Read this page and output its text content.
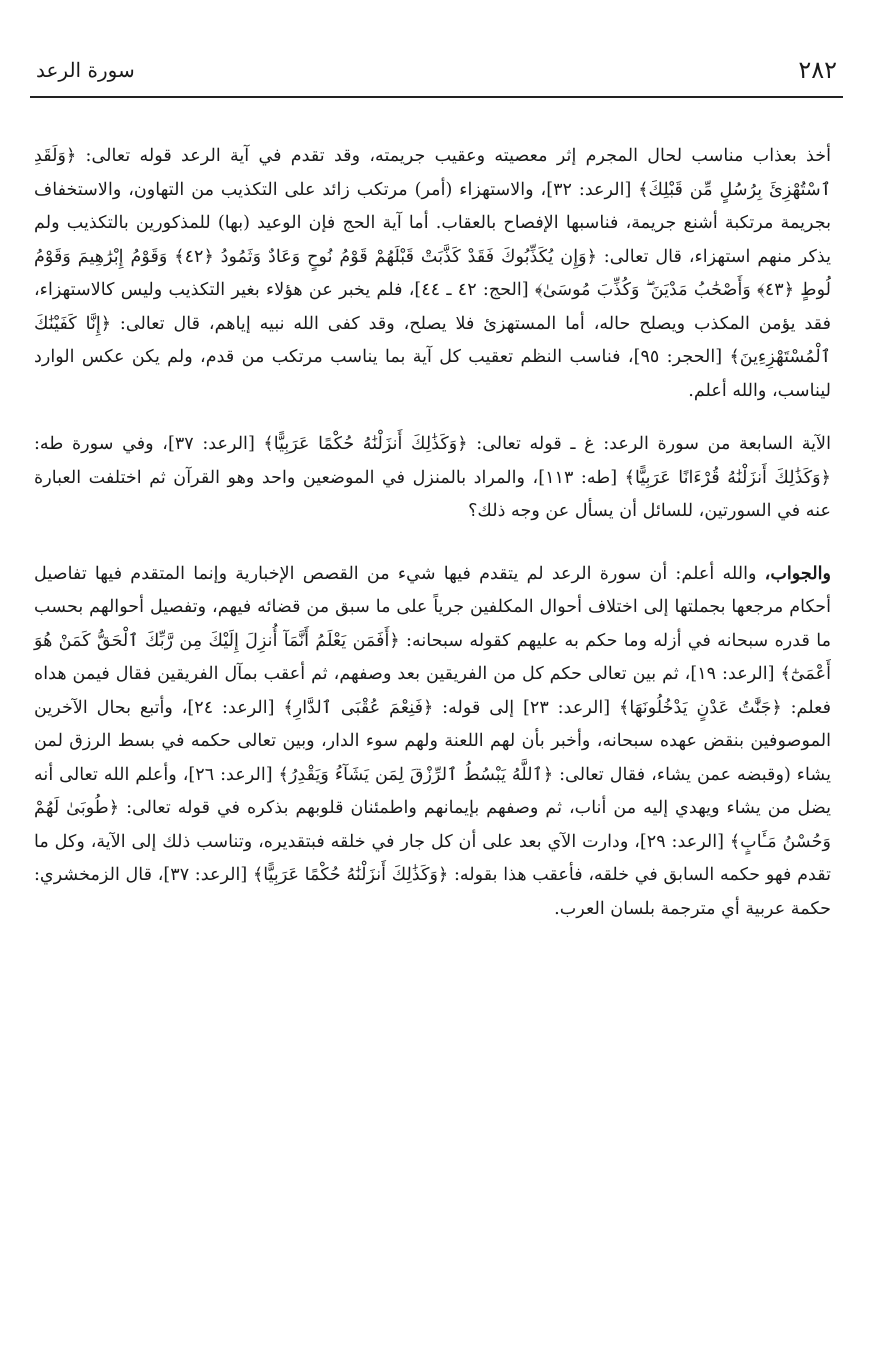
٢٨٢
سورة الرعد

أخذ بعذاب مناسب لحال المجرم إثر معصيته وعقيب جريمته، وقد تقدم في آية الرعد قوله تعالى: ﴿وَلَقَدِ ٱسْتُهْزِئَ بِرُسُلٍ مِّن قَبْلِكَ﴾ [الرعد: ٣٢]، والاستهزاء (أمر) مرتكب زائد على التكذيب من التهاون، والاستخفاف بجريمة مرتكبة أشنع جريمة، فناسبها الإفصاح بالعقاب. أما آية الحج فإن الوعيد (بها) للمذكورين بالتكذيب ولم يذكر منهم استهزاء، قال تعالى: ﴿وَإِن يُكَذِّبُوكَ فَقَدْ كَذَّبَتْ قَبْلَهُمْ قَوْمُ نُوحٍ وَعَادٌ وَثَمُودُ ﴿٤٢﴾ وَقَوْمُ إِبْرَٰهِيمَ وَقَوْمُ لُوطٍ ﴿٤٣﴾ وَأَصْحَٰبُ مَدْيَنَ ۖ وَكُذِّبَ مُوسَىٰ﴾ [الحج: ٤٢ ـ ٤٤]، فلم يخبر عن هؤلاء بغير التكذيب وليس كالاستهزاء، فقد يؤمن المكذب ويصلح حاله، أما المستهزئ فلا يصلح، وقد كفى الله نبيه إياهم، قال تعالى: ﴿إِنَّا كَفَيْنَٰكَ ٱلْمُسْتَهْزِءِينَ﴾ [الحجر: ٩٥]، فناسب النظم تعقيب كل آية بما يناسب مرتكب من قدم، ولم يكن عكس الوارد ليناسب، والله أعلم.

الآية السابعة من سورة الرعد: غ ـ قوله تعالى: ﴿وَكَذَٰلِكَ أَنزَلْنَٰهُ حُكْمًا عَرَبِيًّا﴾ [الرعد: ٣٧]، وفي سورة طه: ﴿وَكَذَٰلِكَ أَنزَلْنَٰهُ قُرْءَانًا عَرَبِيًّا﴾ [طه: ١١٣]، والمراد بالمنزل في الموضعين واحد وهو القرآن ثم اختلفت العبارة عنه في السورتين، للسائل أن يسأل عن وجه ذلك؟

والجواب، والله أعلم: أن سورة الرعد لم يتقدم فيها شيء من القصص الإخبارية وإنما المتقدم فيها تفاصيل أحكام مرجعها بجملتها إلى اختلاف أحوال المكلفين جرياً على ما سبق من قضائه فيهم، وتفصيل أحوالهم بحسب ما قدره سبحانه في أزله وما حكم به عليهم كقوله سبحانه: ﴿أَفَمَن يَعْلَمُ أَنَّمَآ أُنزِلَ إِلَيْكَ مِن رَّبِّكَ ٱلْحَقُّ كَمَنْ هُوَ أَعْمَىٰٓ﴾ [الرعد: ١٩]، ثم بين تعالى حكم كل من الفريقين بعد وصفهم، ثم أعقب بمآل الفريقين فقال فيمن هداه فعلم: ﴿جَنَّٰتُ عَدْنٍ يَدْخُلُونَهَا﴾ [الرعد: ٢٣] إلى قوله: ﴿فَنِعْمَ عُقْبَى ٱلدَّارِ﴾ [الرعد: ٢٤]، وأتبع بحال الآخرين الموصوفين بنقض عهده سبحانه، وأخبر بأن لهم اللعنة ولهم سوء الدار، وبين تعالى حكمه في بسط الرزق لمن يشاء (وقبضه عمن يشاء، فقال تعالى: ﴿ٱللَّهُ يَبْسُطُ ٱلرِّزْقَ لِمَن يَشَآءُ وَيَقْدِرُ﴾ [الرعد: ٢٦]، وأعلم الله تعالى أنه يضل من يشاء ويهدي إليه من أناب، ثم وصفهم بإيمانهم واطمئنان قلوبهم بذكره في قوله تعالى: ﴿طُوبَىٰ لَهُمْ وَحُسْنُ مَـَٔابٍ﴾ [الرعد: ٢٩]، ودارت الآي بعد على أن كل جار في خلقه فبتقديره، وتناسب ذلك إلى الآية، وكل ما تقدم فهو حكمه السابق في خلقه، فأعقب هذا بقوله: ﴿وَكَذَٰلِكَ أَنزَلْنَٰهُ حُكْمًا عَرَبِيًّا﴾ [الرعد: ٣٧]، قال الزمخشري: حكمة عربية أي مترجمة بلسان العرب.
